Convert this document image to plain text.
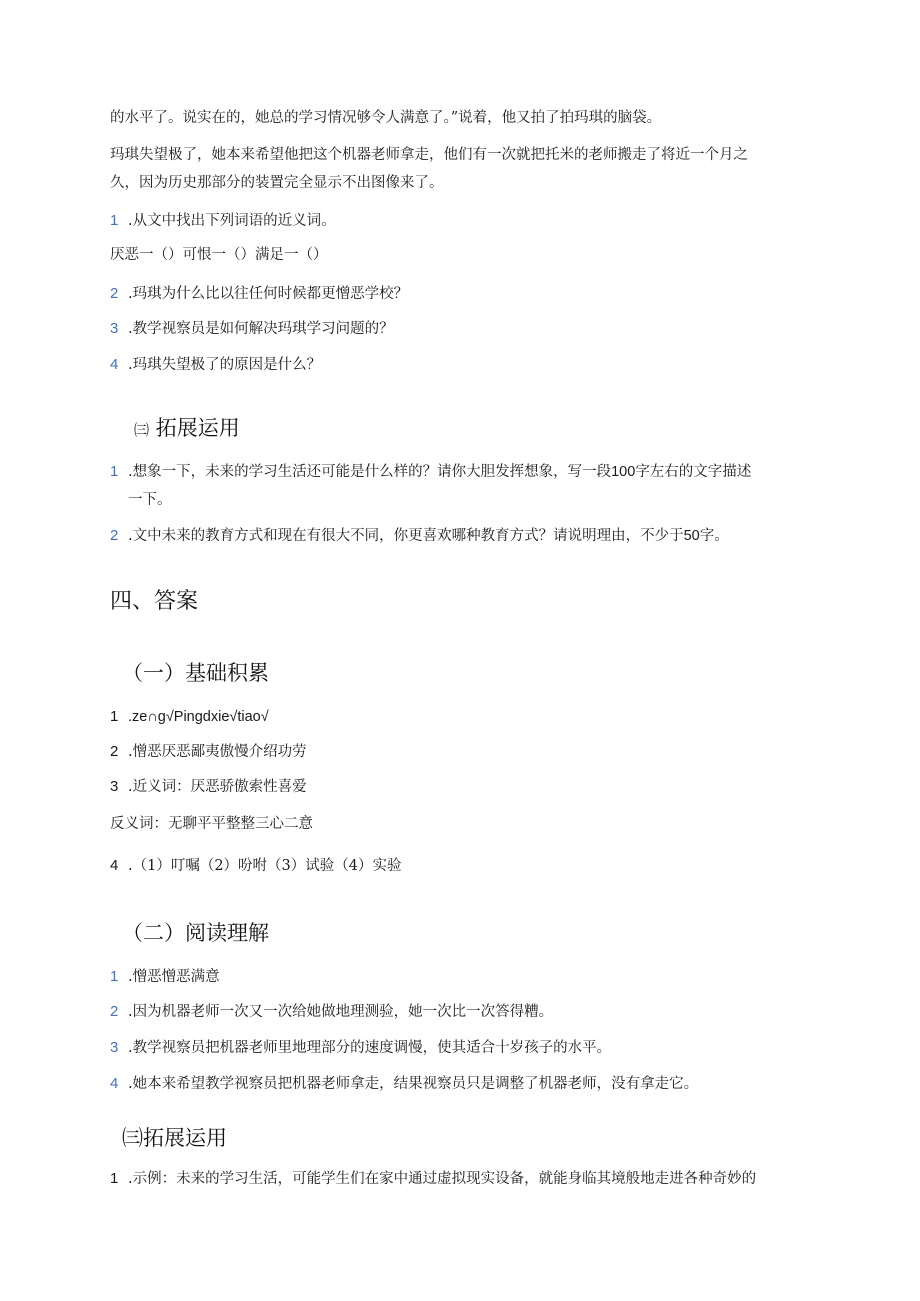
的水平了。说实在的，她总的学习情况够令人满意了。”说着，他又拍了拍玛琪的脑袋。
玛琪失望极了，她本来希望他把这个机器老师拿走，他们有一次就把托米的老师搬走了将近一个月之
久，因为历史那部分的装置完全显示不出图像来了。
1 .从文中找出下列词语的近义词。
厌恶一（）可恨一（）满足一（）
2 .玛琪为什么比以往任何时候都更憎恶学校？
3 .教学视察员是如何解决玛琪学习问题的？
4 .玛琪失望极了的原因是什么？
㈢ 拓展运用
1 .想象一下，未来的学习生活还可能是什么样的？请你大胆发挥想象，写一段100字左右的文字描述
一下。
2 .文中未来的教育方式和现在有很大不同，你更喜欢哪种教育方式？请说明理由，不少于50字。
四、答案
（一）基础积累
1 .ze∩g√Pingdxie√tiao√
2 .憎恶厌恶鄙夷傲慢介绍功劳
3 .近义词：厌恶骄傲索性喜爱
反义词：无聊平平整整三心二意
4 .（1）叮嘱（2）吩咐（3）试验（4）实验
（二）阅读理解
1 .憎恶憎恶满意
2 .因为机器老师一次又一次给她做地理测验，她一次比一次答得糟。
3 .教学视察员把机器老师里地理部分的速度调慢，使其适合十岁孩子的水平。
4 .她本来希望教学视察员把机器老师拿走，结果视察员只是调整了机器老师，没有拿走它。
㈢拓展运用
1 .示例：未来的学习生活，可能学生们在家中通过虚拟现实设备，就能身临其境般地走进各种奇妙的
